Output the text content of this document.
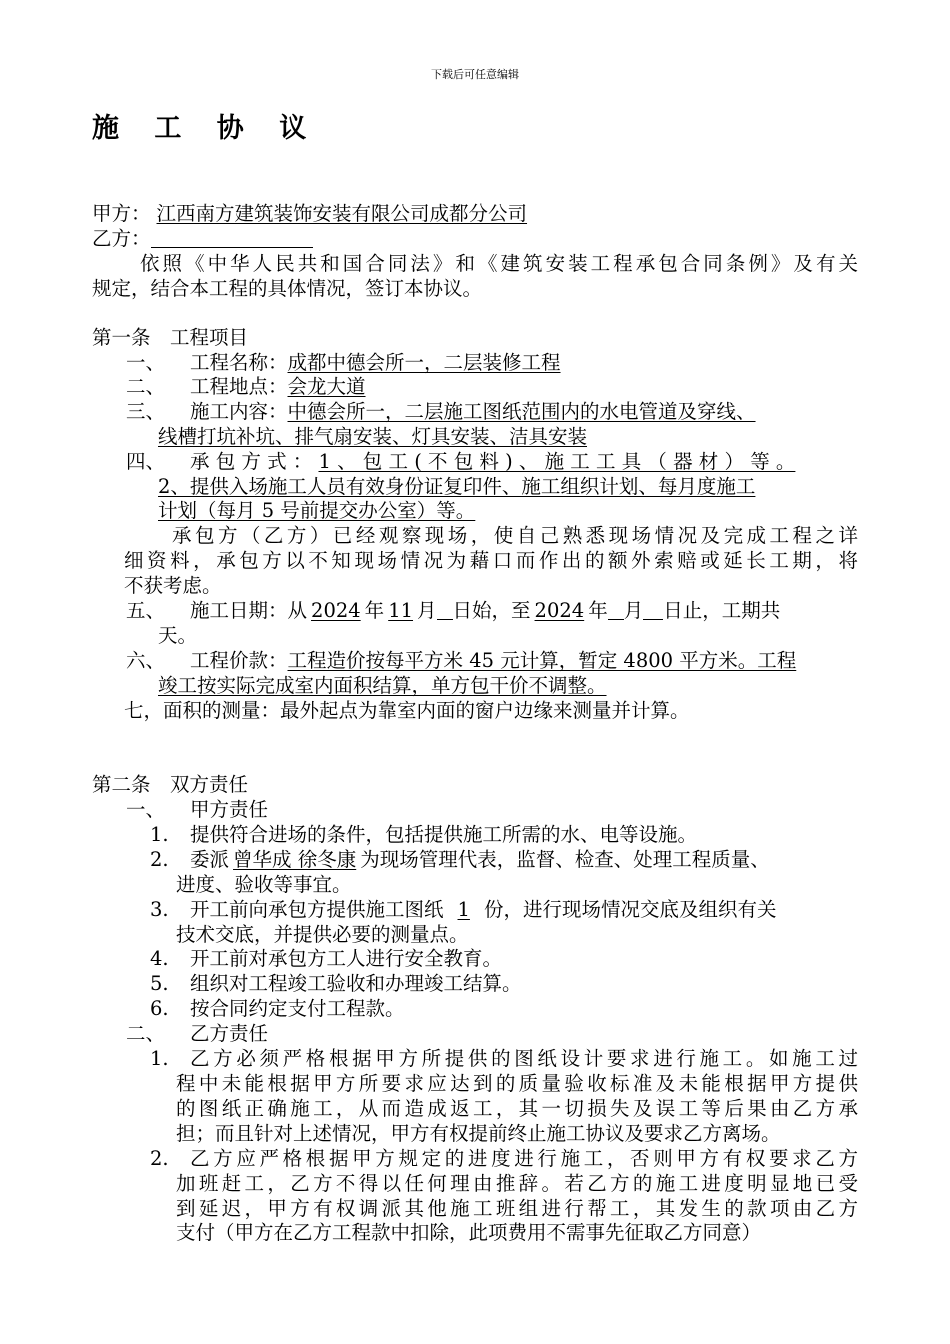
下载后可任意编辑
施 工 协 议
甲方： 江西南方建筑装饰安装有限公司成都分公司
乙方：
依照《中华人民共和国合同法》和《建筑安装工程承包合同条例》及有关
规定，结合本工程的具体情况，签订本协议。
第一条　工程项目
一、 工程名称：成都中德会所一，二层装修工程
二、 工程地点：会龙大道
三、 施工内容：中德会所一，二层施工图纸范围内的水电管道及穿线、
线槽打坑补坑、排气扇安装、灯具安装、洁具安装
四、 承 包 方 式 ： 1 、 包 工 ( 不 包 料 ) 、 施 工 工 具 （ 器 材 ） 等 。
2、提供入场施工人员有效身份证复印件、施工组织计划、每月度施工
计划（每月 5 号前提交办公室）等。
承包方（乙方）已经观察现场，使自己熟悉现场情况及完成工程之详
细资料，承包方以不知现场情况为藉口而作出的额外索赔或延长工期，将
不获考虑。
五、 施工日期：从 2024 年 11 月 日始，至 2024 年 月 日止，工期共
天。
六、 工程价款：工程造价按每平方米 45 元计算，暂定 4800 平方米。工程
竣工按实际完成室内面积结算，单方包干价不调整。
七，面积的测量：最外起点为靠室内面的窗户边缘来测量并计算。
第二条　双方责任
一、 甲方责任
1. 提供符合进场的条件，包括提供施工所需的水、电等设施。
2. 委派 曾华成 徐冬康 为现场管理代表，监督、检查、处理工程质量、
进度、验收等事宜。
3. 开工前向承包方提供施工图纸 1 份，进行现场情况交底及组织有关
技术交底，并提供必要的测量点。
4. 开工前对承包方工人进行安全教育。
5. 组织对工程竣工验收和办理竣工结算。
6. 按合同约定支付工程款。
二、 乙方责任
1. 乙方必须严格根据甲方所提供的图纸设计要求进行施工。如施工过
程中未能根据甲方所要求应达到的质量验收标准及未能根据甲方提供
的图纸正确施工，从而造成返工，其一切损失及误工等后果由乙方承
担；而且针对上述情况，甲方有权提前终止施工协议及要求乙方离场。
2. 乙方应严格根据甲方规定的进度进行施工，否则甲方有权要求乙方
加班赶工，乙方不得以任何理由推辞。若乙方的施工进度明显地已受
到延迟，甲方有权调派其他施工班组进行帮工，其发生的款项由乙方
支付（甲方在乙方工程款中扣除，此项费用不需事先征取乙方同意）
